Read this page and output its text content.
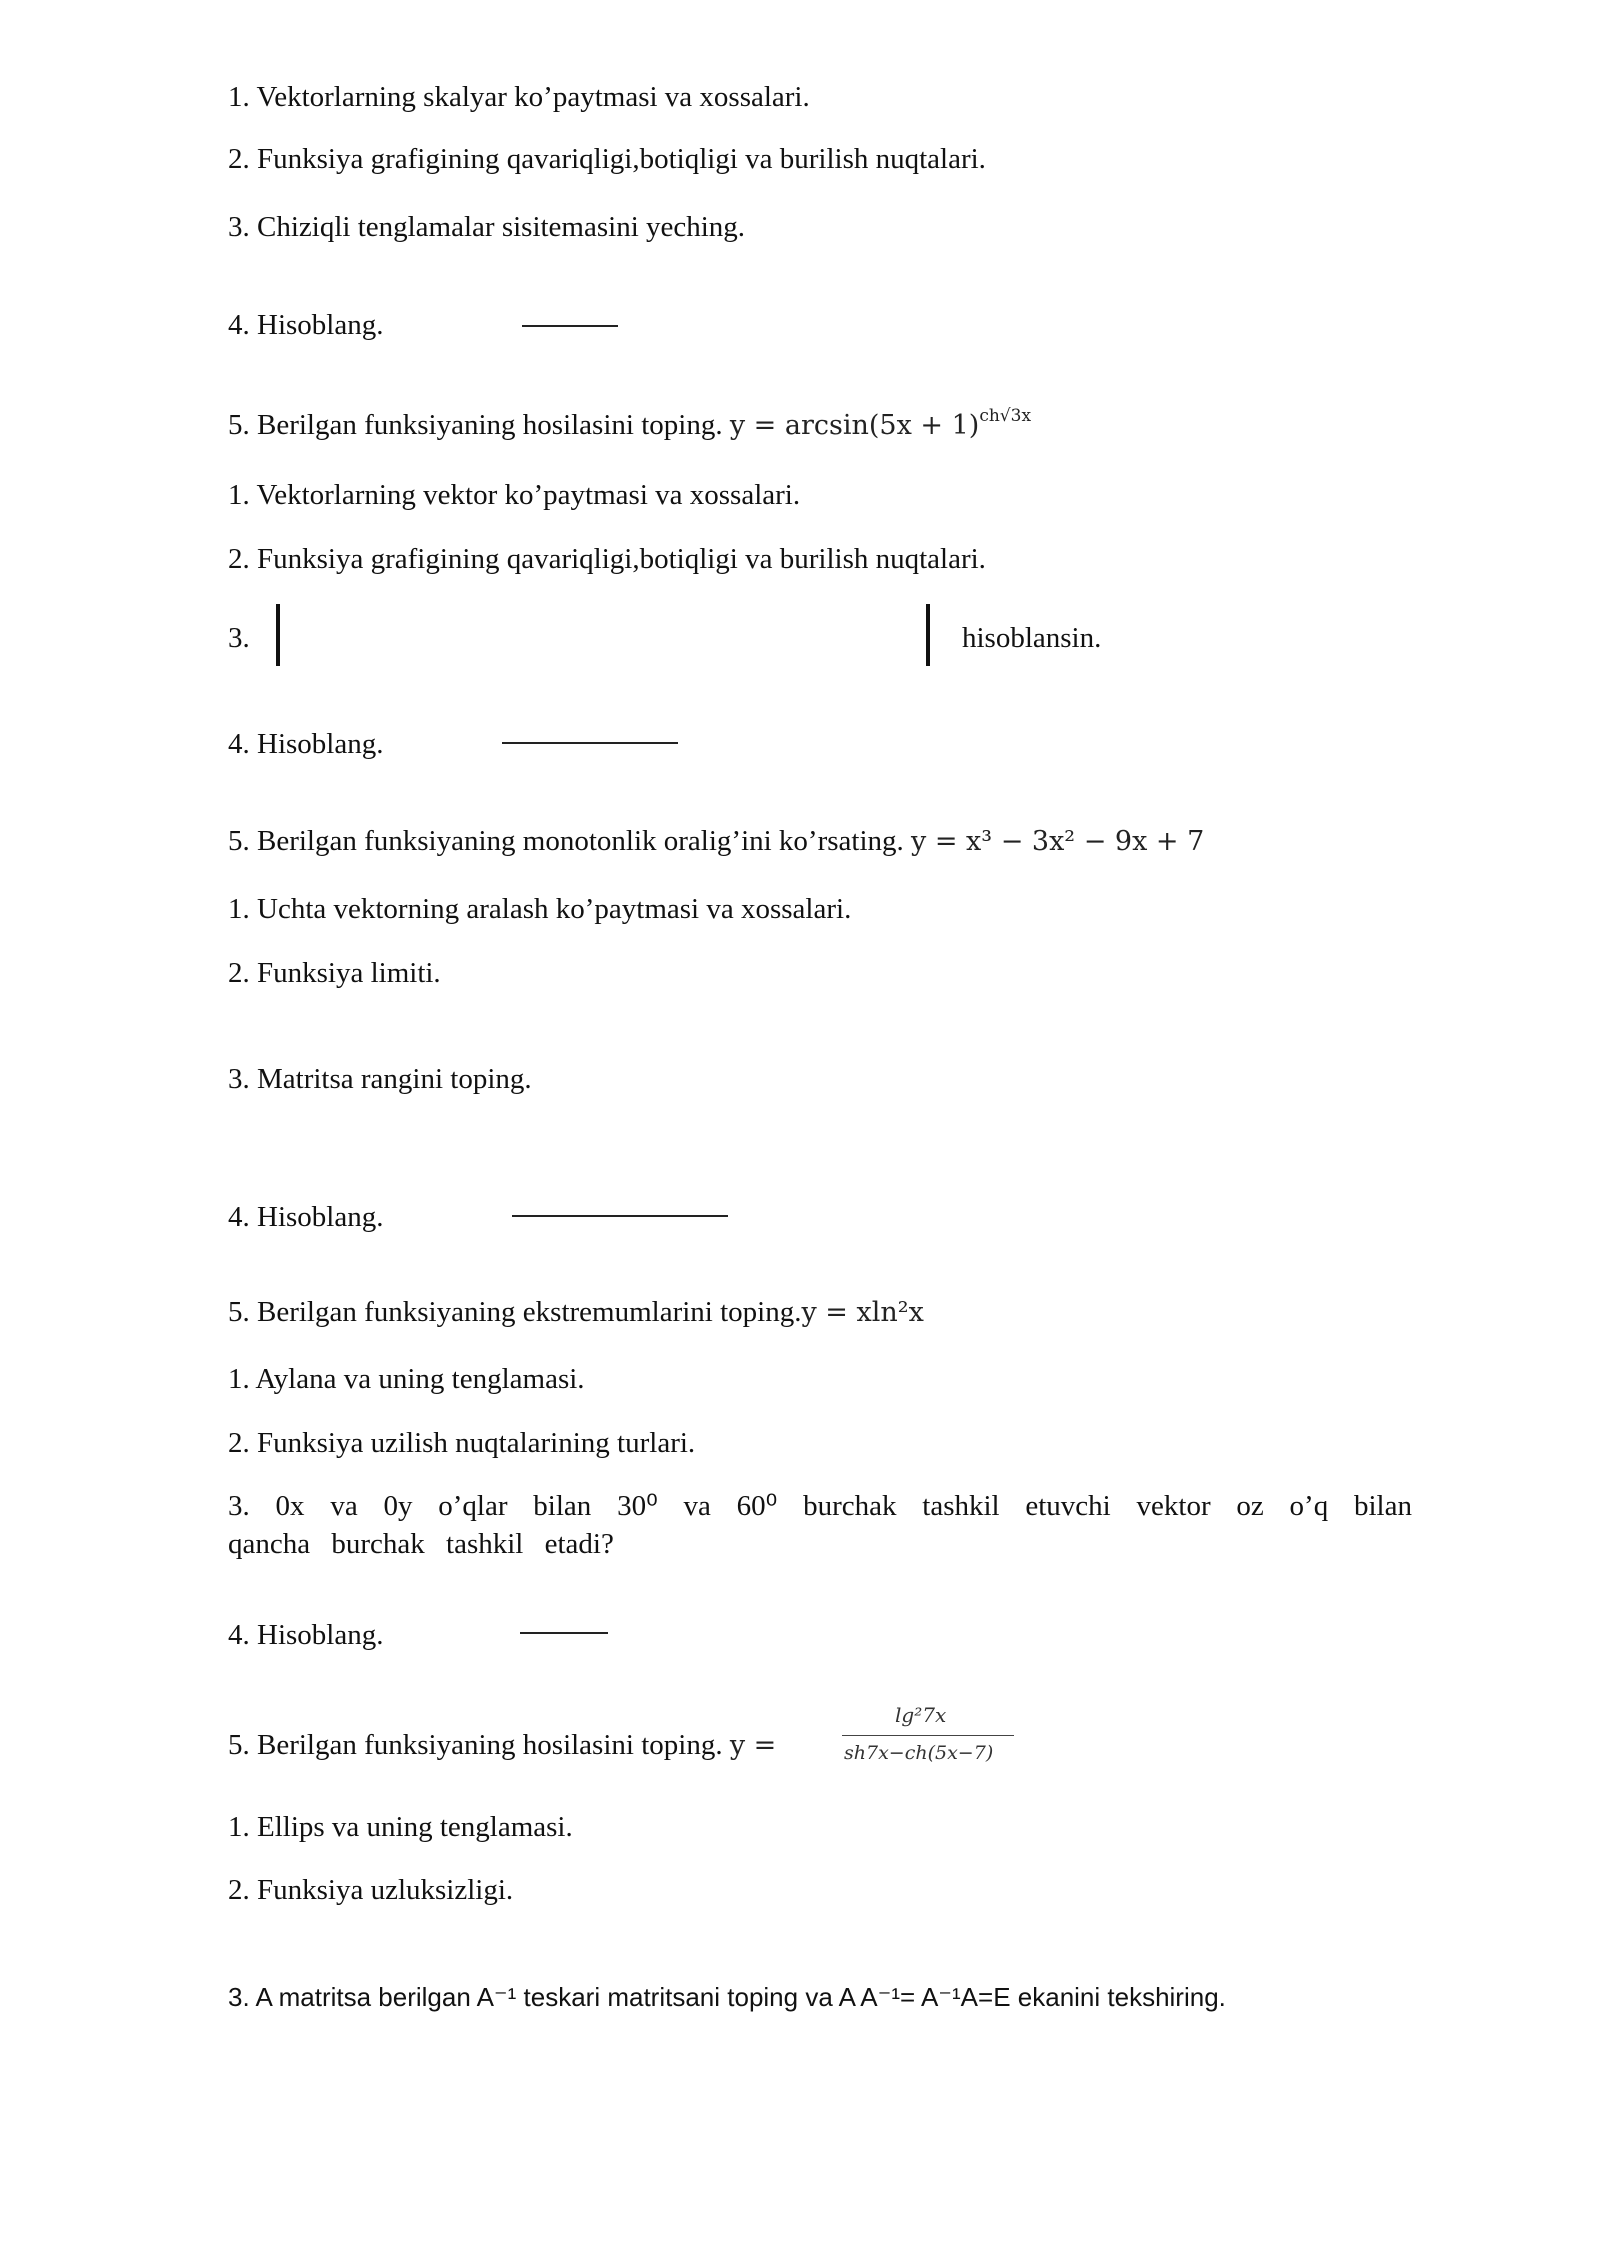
1. Vektorlarning skalyar ko’paytmasi va xossalari.
2. Funksiya grafigining qavariqligi,botiqligi va burilish nuqtalari.
3. Chiziqli tenglamalar sisitemasini yeching.
4. Hisoblang.
5. Berilgan funksiyaning hosilasini toping. $y = \arcsin(5x + 1)^{ch√3x}$
1. Vektorlarning vektor ko’paytmasi va xossalari.
2. Funksiya grafigining qavariqligi,botiqligi va burilish nuqtalari.
3.	hisoblansin.
4. Hisoblang.
5. Berilgan funksiyaning monotonlik oralig’ini ko’rsating. y = x³ − 3x² − 9x + 7
1. Uchta vektorning aralash ko’paytmasi va xossalari.
2. Funksiya limiti.
3. Matritsa rangini toping.
4. Hisoblang.
5. Berilgan funksiyaning ekstremumlarini toping.y = xln²x
1. Aylana va uning tenglamasi.
2. Funksiya uzilish nuqtalarining turlari.
3. 0x va 0y o’qlar bilan 30⁰ va 60⁰ burchak tashkil etuvchi vektor oz o’q bilan
qancha burchak tashkil etadi?
4. Hisoblang.
5. Berilgan funksiyaning hosilasini toping. y =
lg²7x
sh7x−ch(5x−7)
1. Ellips va uning tenglamasi.
2. Funksiya uzluksizligi.
3. A matritsa berilgan A⁻¹ teskari matritsani toping va A A⁻¹= A⁻¹A=E ekanini tekshiring.
